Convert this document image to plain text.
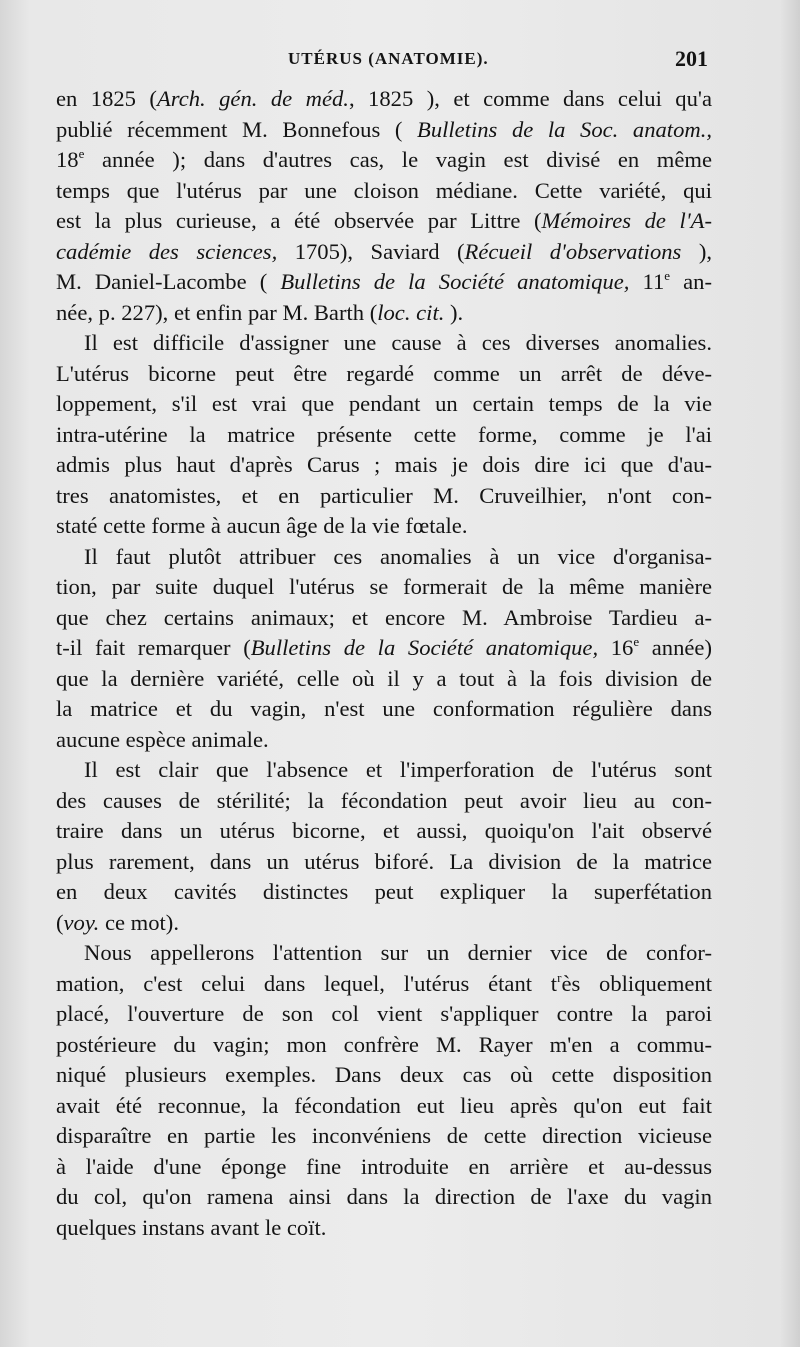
UTÉRUS (ANATOMIE).	201
en 1825 (Arch. gén. de méd., 1825 ), et comme dans celui qu'a
publié récemment M. Bonnefous ( Bulletins de la Soc. anatom.,
18e année ); dans d'autres cas, le vagin est divisé en même
temps que l'utérus par une cloison médiane. Cette variété, qui
est la plus curieuse, a été observée par Littre (Mémoires de l'A-
cadémie des sciences, 1705), Saviard (Récueil d'observations ),
M. Daniel-Lacombe ( Bulletins de la Société anatomique, 11e an-
née, p. 227), et enfin par M. Barth (loc. cit. ).
Il est difficile d'assigner une cause à ces diverses anomalies.
L'utérus bicorne peut être regardé comme un arrêt de déve-
loppement, s'il est vrai que pendant un certain temps de la vie
intra-utérine la matrice présente cette forme, comme je l'ai
admis plus haut d'après Carus ; mais je dois dire ici que d'au-
tres anatomistes, et en particulier M. Cruveilhier, n'ont con-
staté cette forme à aucun âge de la vie fœtale.
Il faut plutôt attribuer ces anomalies à un vice d'organisa-
tion, par suite duquel l'utérus se formerait de la même manière
que chez certains animaux; et encore M. Ambroise Tardieu a-
t-il fait remarquer (Bulletins de la Société anatomique, 16e année)
que la dernière variété, celle où il y a tout à la fois division de
la matrice et du vagin, n'est une conformation régulière dans
aucune espèce animale.
Il est clair que l'absence et l'imperforation de l'utérus sont
des causes de stérilité; la fécondation peut avoir lieu au con-
traire dans un utérus bicorne, et aussi, quoiqu'on l'ait observé
plus rarement, dans un utérus biforé. La division de la matrice
en deux cavités distinctes peut expliquer la superfétation
(voy. ce mot).
Nous appellerons l'attention sur un dernier vice de confor-
mation, c'est celui dans lequel, l'utérus étant $t^rès$ obliquement
placé, l'ouverture de son col vient s'appliquer contre la paroi
postérieure du vagin; mon confrère M. Rayer m'en a commu-
niqué plusieurs exemples. Dans deux cas où cette disposition
avait été reconnue, la fécondation eut lieu après qu'on eut fait
disparaître en partie les inconvéniens de cette direction vicieuse
à l'aide d'une éponge fine introduite en arrière et au-dessus
du col, qu'on ramena ainsi dans la direction de l'axe du vagin
quelques instans avant le coït.
